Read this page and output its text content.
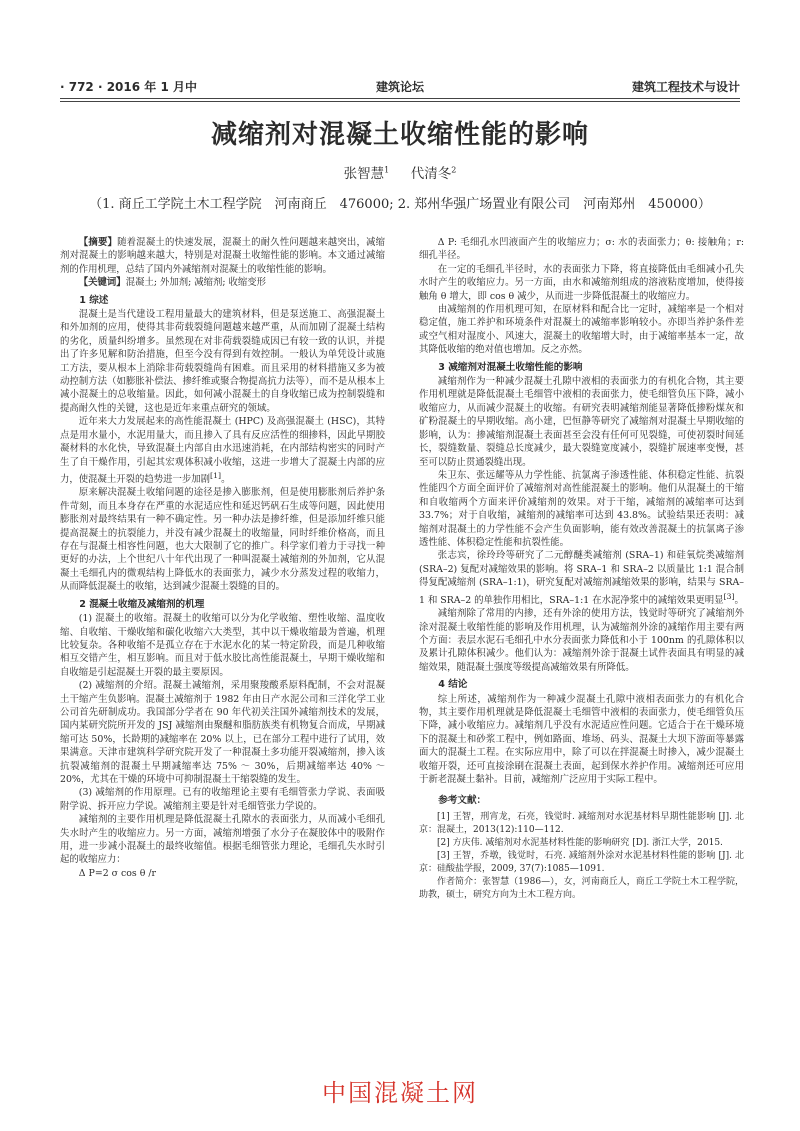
· 772 · 2016 年 1 月中	建筑论坛	建筑工程技术与设计
减缩剂对混凝土收缩性能的影响
张智慧$^1$ 代清冬$^2$
（1. 商丘工学院土木工程学院　河南商丘　476000; 2. 郑州华强广场置业有限公司　河南郑州　450000）

【摘要】随着混凝土的快速发展，混凝土的耐久性问题越来越突出，减缩剂对混凝土的影响越来越大，特别是对混凝土收缩性能的影响。本文通过减缩剂的作用机理，总结了国内外减缩剂对混凝土的收缩性能的影响。

【关键词】混凝土; 外加剂; 减缩剂; 收缩变形

1 综述

混凝土是当代建设工程用量最大的建筑材料，但是泵送施工、高强混凝土和外加剂的应用，使得其非荷载裂缝问题越来越严重，从而加剧了混凝土结构的劣化，质量纠纷增多。虽然现在对非荷载裂缝成因已有较一致的认识，并提出了许多见解和防治措施，但至今没有得到有效控制。一般认为单凭设计或施工方法，要从根本上消除非荷载裂缝尚有困难。而且采用的材料措施又多为被动控制方法（如膨胀补偿法、掺纤维或聚合物提高抗力法等），而不是从根本上减小混凝土的总收缩量。因此，如何减小混凝土的自身收缩已成为控制裂缝和提高耐久性的关键，这也是近年来重点研究的领域。

近年来大力发展起来的高性能混凝土 (HPC) 及高强混凝土 (HSC)，其特点是用水量小，水泥用量大，而且掺入了具有反应活性的细掺料，因此早期胶凝材料的水化快，导致混凝土内部自由水迅速消耗，在内部结构密实的同时产生了自干燥作用，引起其宏观体积减小收缩，这进一步增大了混凝土内部的应力，使混凝土开裂的趋势进一步加剧[1]。

原来解决混凝土收缩问题的途径是掺入膨胀剂，但是使用膨胀剂后养护条件苛刻，而且本身存在严重的水泥适应性和延迟钙矾石生成等问题，因此使用膨胀剂对最终结果有一种不确定性。另一种办法是掺纤维，但是添加纤维只能提高混凝土的抗裂能力，并没有减少混凝土的收缩量，同时纤维价格高，而且存在与混凝土相容性问题，也大大限制了它的推广。科学家们着力于寻找一种更好的办法，上个世纪八十年代出现了一种叫混凝土减缩剂的外加剂，它从混凝土毛细孔内的微观结构上降低水的表面张力，减少水分蒸发过程的收缩力，从而降低混凝土的收缩，达到减少混凝土裂缝的目的。

2 混凝土收缩及减缩剂的机理

(1) 混凝土的收缩。混凝土的收缩可以分为化学收缩、塑性收缩、温度收缩、自收缩、干燥收缩和碳化收缩六大类型，其中以干燥收缩最为普遍，机理比较复杂。各种收缩不是孤立存在于水泥水化的某一特定阶段，而是几种收缩相互交错产生，相互影响。而且对于低水胶比高性能混凝土，早期干燥收缩和自收缩是引起混凝土开裂的最主要原因。

(2) 减缩剂的介绍。混凝土减缩剂，采用聚羧酸系原料配制，不会对混凝土干缩产生负影响。混凝土减缩剂于 1982 年由日产水泥公司和三洋化学工业公司首先研制成功。我国部分学者在 90 年代初关注国外减缩剂技术的发展，国内某研究院所开发的 JSJ 减缩剂由聚醚和脂肪族类有机物复合而成，早期减缩可达 50%，长龄期的减缩率在 20% 以上，已在部分工程中进行了试用，效果满意。天津市建筑科学研究院开发了一种混凝土多功能开裂减缩剂，掺入该抗裂减缩剂的混凝土早期减缩率达 75% ～ 30%，后期减缩率达 40% ～ 20%，尤其在干燥的环境中可抑制混凝土干缩裂缝的发生。

(3) 减缩剂的作用原理。已有的收缩理论主要有毛细管张力学说、表面吸附学说、拆开应力学说。减缩剂主要是针对毛细管张力学说的。

减缩剂的主要作用机理是降低混凝土孔隙水的表面张力，从而减小毛细孔失水时产生的收缩应力。另一方面，减缩剂增强了水分子在凝胶体中的吸附作用，进一步减小混凝土的最终收缩值。根据毛细管张力理论，毛细孔失水时引起的收缩应力：

Δ P=2 σ cos θ /r

Δ P: 毛细孔水凹液面产生的收缩应力；σ: 水的表面张力；θ: 接触角；r: 细孔半径。

在一定的毛细孔半径时，水的表面张力下降，将直接降低由毛细减小孔失水时产生的收缩应力。另一方面，由水和减缩剂组成的溶液粘度增加，使得接触角 θ 增大，即 cos θ 减少，从而进一步降低混凝土的收缩应力。

由减缩剂的作用机理可知，在原材料和配合比一定时，减缩率是一个相对稳定值，施工养护和环境条件对混凝土的减缩率影响较小。亦即当养护条件差或空气相对湿度小、风速大，混凝土的收缩增大时，由于减缩率基本一定，故其降低收缩的绝对值也增加。反之亦然。

3 减缩剂对混凝土收缩性能的影响

减缩剂作为一种减少混凝土孔隙中液相的表面张力的有机化合物，其主要作用机理就是降低混凝土毛细管中液相的表面张力，使毛细管负压下降，减小收缩应力，从而减少混凝土的收缩。有研究表明减缩剂能显著降低掺粉煤灰和矿粉混凝土的早期收缩。高小建，巴恒静等研究了减缩剂对混凝土早期收缩的影响，认为：掺减缩剂混凝土表面甚至会没有任何可见裂缝，可使初裂时间延长，裂缝数量、裂缝总长度减少，最大裂缝宽度减小，裂缝扩展速率变慢，甚至可以防止贯通裂缝出现。

朱卫东、张远耀等从力学性能、抗氯离子渗透性能、体积稳定性能、抗裂性能四个方面全面评价了减缩剂对高性能混凝土的影响。他们从混凝土的干缩和自收缩两个方面来评价减缩剂的效果。对于干缩，减缩剂的减缩率可达到 33.7%；对于自收缩，减缩剂的减缩率可达到 43.8%。试验结果还表明：减缩剂对混凝土的力学性能不会产生负面影响，能有效改善混凝土的抗氯离子渗透性能、体积稳定性能和抗裂性能。

张志宾，徐玲玲等研究了二元醇醚类减缩剂 (SRA–1) 和硅氧烷类减缩剂 (SRA–2) 复配对减缩效果的影响。将 SRA–1 和 SRA–2 以质量比 1:1 混合制得复配减缩剂 (SRA–1:1)，研究复配对减缩剂减缩效果的影响，结果与 SRA–1 和 SRA–2 的单独作用相比，SRA–1:1 在水泥净浆中的减缩效果更明显[3]。

减缩剂除了常用的内掺，还有外涂的使用方法，钱觉时等研究了减缩剂外涂对混凝土收缩性能的影响及作用机理，认为减缩剂外涂的减缩作用主要有两个方面：表层水泥石毛细孔中水分表面张力降低和小于 100nm 的孔隙体积以及累计孔隙体积减少。他们认为：减缩剂外涂于混凝土试件表面具有明显的减缩效果，随混凝土强度等级提高减缩效果有所降低。

4 结论

综上所述，减缩剂作为一种减少混凝土孔隙中液相表面张力的有机化合物，其主要作用机理就是降低混凝土毛细管中液相的表面张力，使毛细管负压下降，减小收缩应力。减缩剂几乎没有水泥适应性问题。它适合于在干燥环境下的混凝土和砂浆工程中，例如路面、堆场、码头、混凝土大坝下游面等暴露面大的混凝土工程。在实际应用中，除了可以在拌混凝土时掺入，减少混凝土收缩开裂，还可直接涂刷在混凝土表面，起到保水养护作用。减缩剂还可应用于新老混凝土黏补。目前，减缩剂广泛应用于实际工程中。

参考文献：

[1] 王智，刑宵龙，石亮，钱觉时. 减缩剂对水泥基材料早期性能影响 [J]. 北京：混凝土，2013(12):110—112.

[2] 方庆伟. 减缩剂对水泥基材料性能的影响研究 [D]. 浙江大学，2015.

[3] 王智，乔墩，钱觉时，石亮. 减缩剂外涂对水泥基材料性能的影响 [J]. 北京：硅酸盐学报，2009, 37(7):1085—1091.

作者简介：张智慧（1986—），女，河南商丘人，商丘工学院土木工程学院，助教，硕士，研究方向为土木工程方向。

中国混凝土网
